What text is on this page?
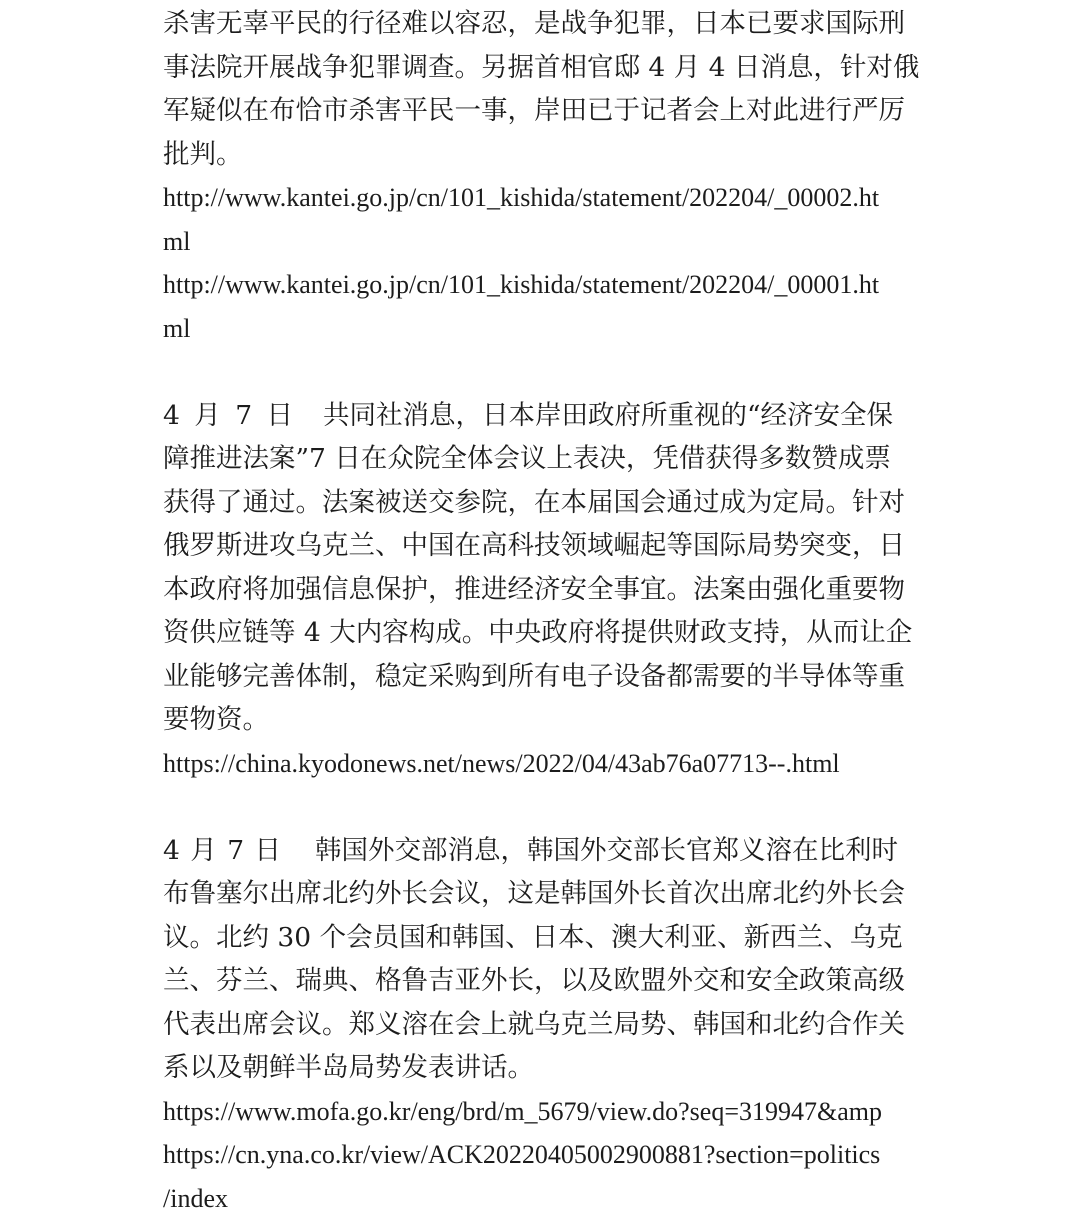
杀害无辜平民的行径难以容忍，是战争犯罪，日本已要求国际刑
事法院开展战争犯罪调查。另据首相官邸 4 月 4 日消息，针对俄
军疑似在布恰市杀害平民一事，岸田已于记者会上对此进行严厉
批判。
http://www.kantei.go.jp/cn/101_kishida/statement/202204/_00002.ht
ml
http://www.kantei.go.jp/cn/101_kishida/statement/202204/_00001.ht
ml
4 月 7 日 共同社消息，日本岸田政府所重视的“经济安全保
障推进法案”7 日在众院全体会议上表决，凭借获得多数赞成票
获得了通过。法案被送交参院，在本届国会通过成为定局。针对
俄罗斯进攻乌克兰、中国在高科技领域崛起等国际局势突变，日
本政府将加强信息保护，推进经济安全事宜。法案由强化重要物
资供应链等 4 大内容构成。中央政府将提供财政支持，从而让企
业能够完善体制，稳定采购到所有电子设备都需要的半导体等重
要物资。
https://china.kyodonews.net/news/2022/04/43ab76a07713--.html
4 月 7 日 韩国外交部消息，韩国外交部长官郑义溶在比利时
布鲁塞尔出席北约外长会议，这是韩国外长首次出席北约外长会
议。北约 30 个会员国和韩国、日本、澳大利亚、新西兰、乌克
兰、芬兰、瑞典、格鲁吉亚外长，以及欧盟外交和安全政策高级
代表出席会议。郑义溶在会上就乌克兰局势、韩国和北约合作关
系以及朝鲜半岛局势发表讲话。
https://www.mofa.go.kr/eng/brd/m_5679/view.do?seq=319947&amp
https://cn.yna.co.kr/view/ACK20220405002900881?section=politics
/index
